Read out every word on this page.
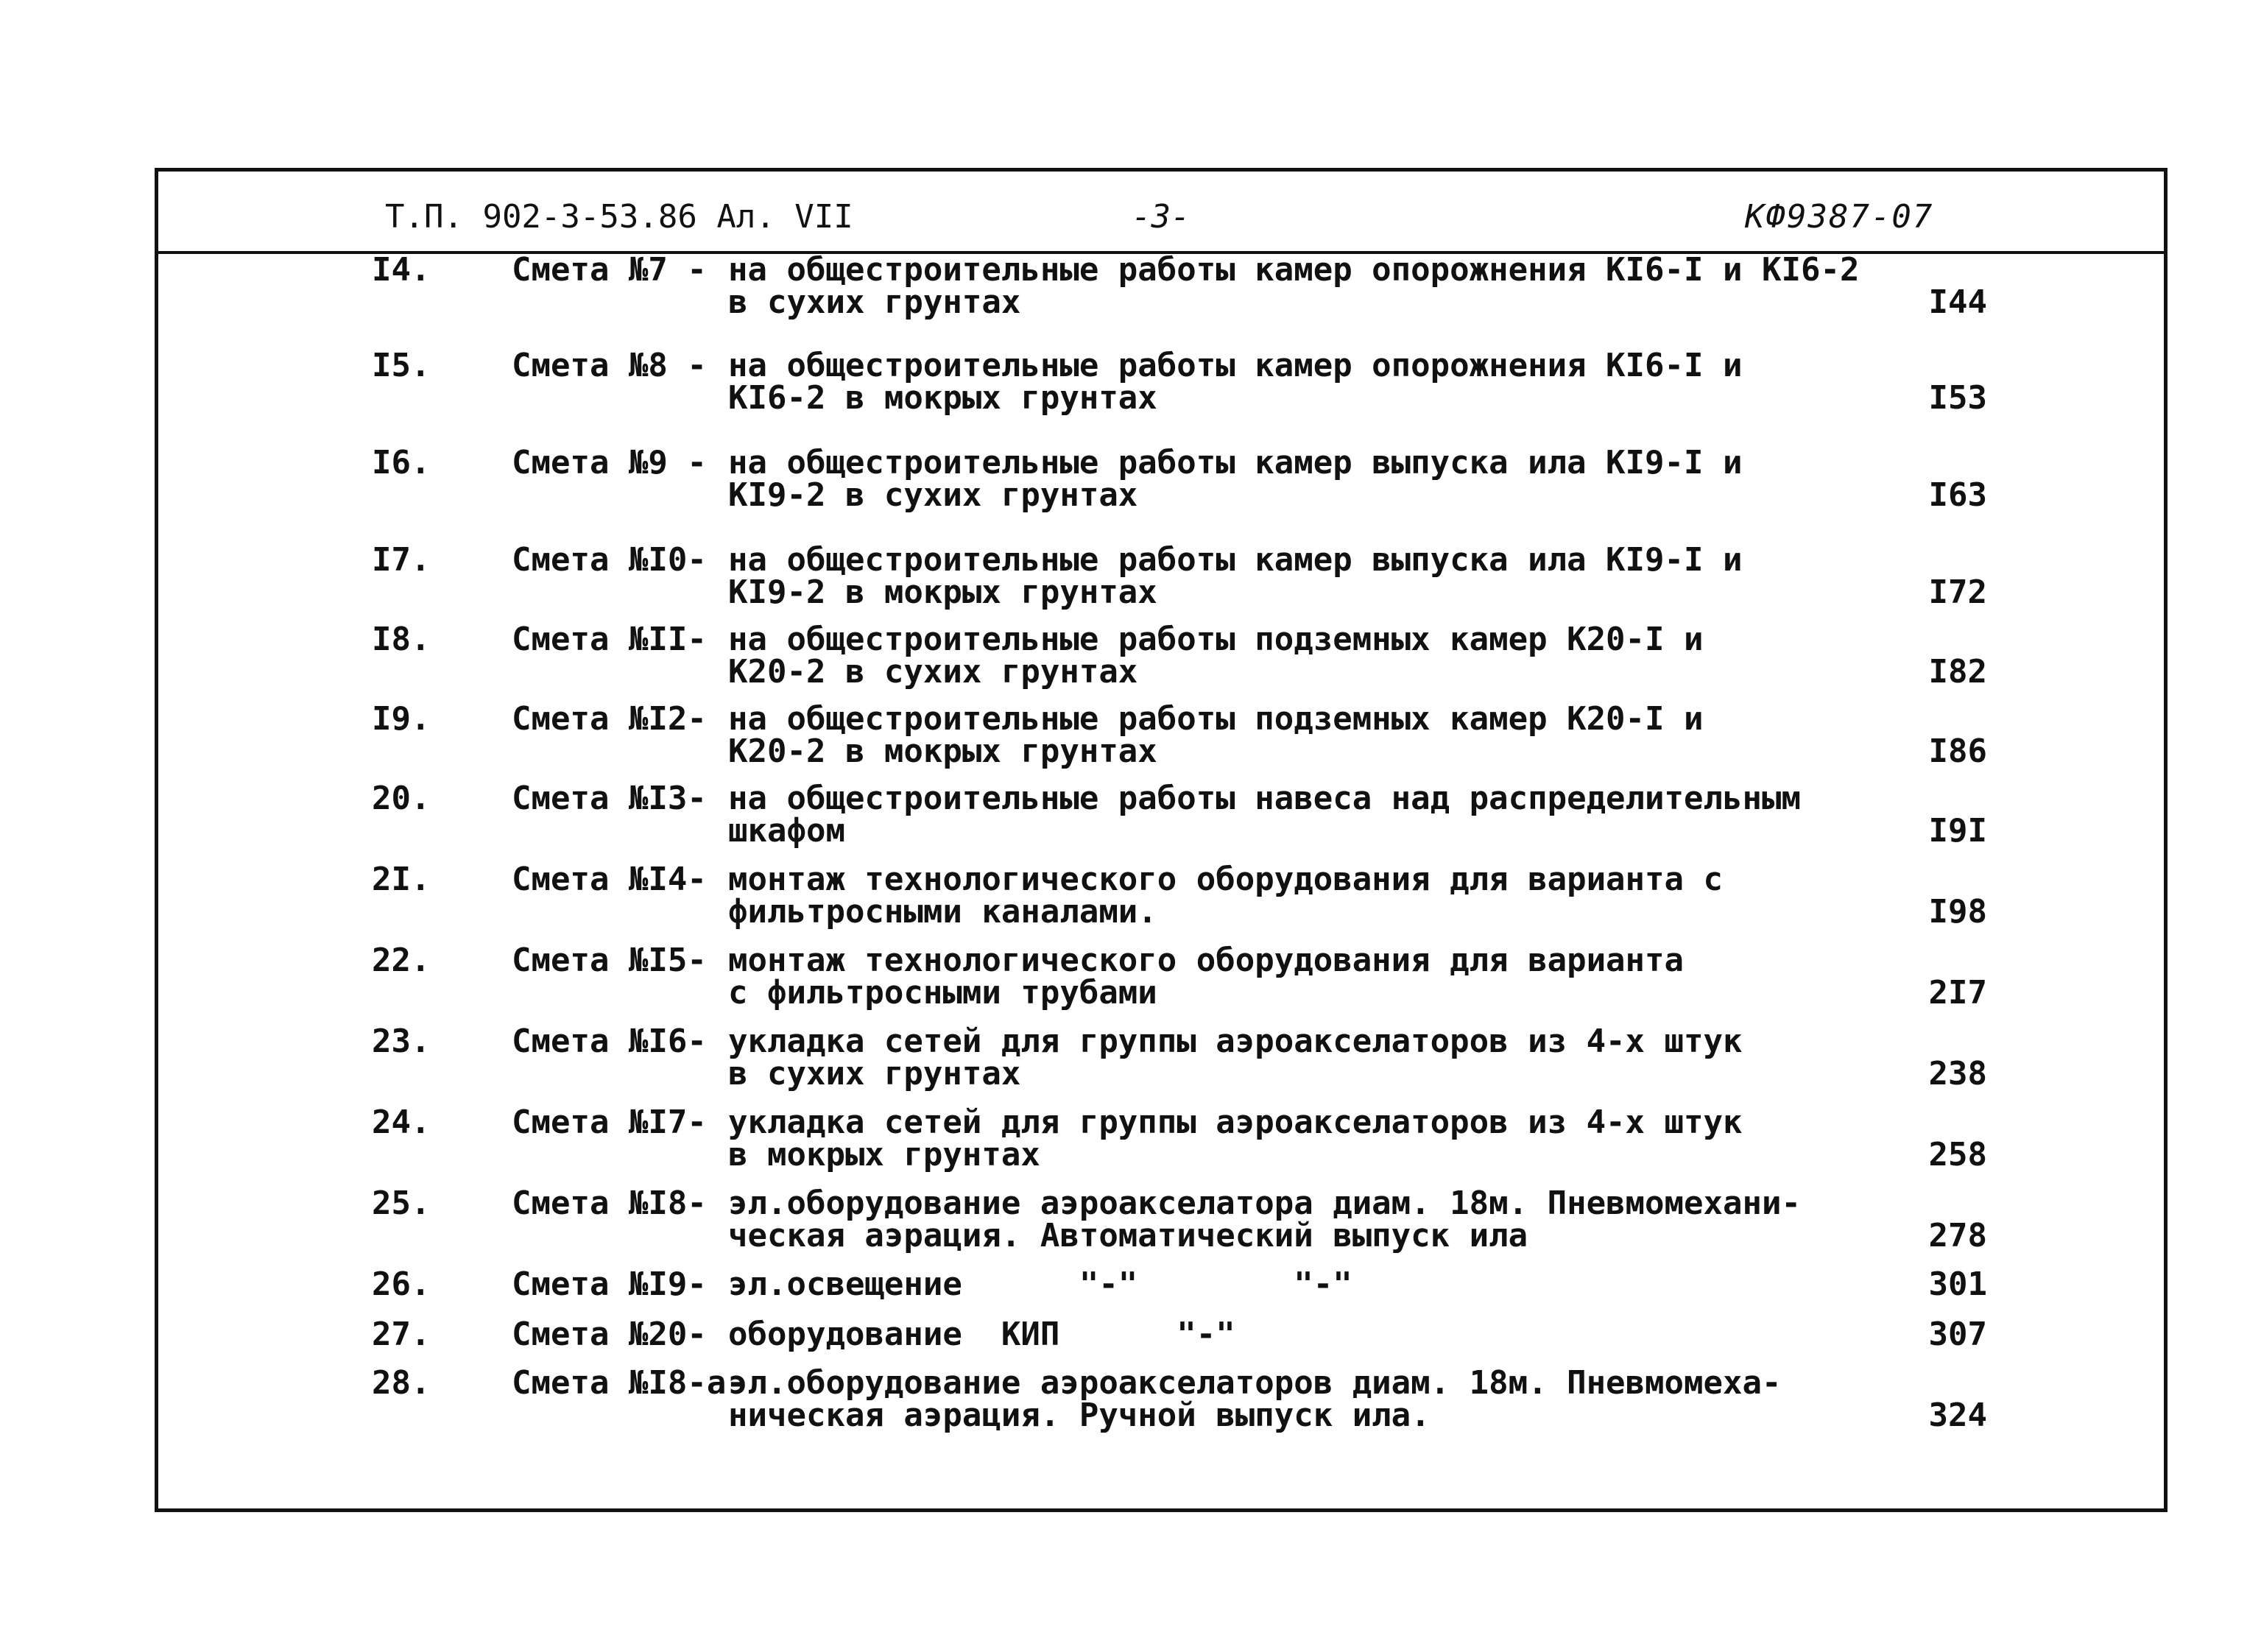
Т.П. 902-3-53.86 Ал. VII	-3-	КФ9387-07
I4.	Смета №7 - на общестроительные работы камер опорожнения КI6-I и КI6-2
в сухих грунтах	I44
I5.	Смета №8 - на общестроительные работы камер опорожнения КI6-I и
КI6-2 в мокрых грунтах	I53
I6.	Смета №9 - на общестроительные работы камер выпуска ила КI9-I и
КI9-2 в сухих грунтах	I63
I7.	Смета №I0- на общестроительные работы камер выпуска ила КI9-I и
КI9-2 в мокрых грунтах	I72
I8.	Смета №II- на общестроительные работы подземных камер К20-I и
К20-2 в сухих грунтах	I82
I9.	Смета №I2- на общестроительные работы подземных камер К20-I и
К20-2 в мокрых грунтах	I86
20.	Смета №I3- на общестроительные работы навеса над распределительным
шкафом	I9I
2I.	Смета №I4- монтаж технологического оборудования для варианта с
фильтросными каналами.	I98
22.	Смета №I5- монтаж технологического оборудования для варианта
с фильтросными трубами	2I7
23.	Смета №I6- укладка сетей для группы аэроакселаторов из 4-х штук
в сухих грунтах	238
24.	Смета №I7- укладка сетей для группы аэроакселаторов из 4-х штук
в мокрых грунтах	258
25.	Смета №I8- эл.оборудование аэроакселатора диам. 18м. Пневмомехани-
ческая аэрация. Автоматический выпуск ила	278
26.	Смета №I9- эл.освещение      "-"        "-"	301
27.	Смета №20- оборудование  КИП      "-"	307
28.	Смета №I8-а-
эл.оборудование аэроакселаторов диам. 18м. Пневмомеха-
ническая аэрация. Ручной выпуск ила.	324
